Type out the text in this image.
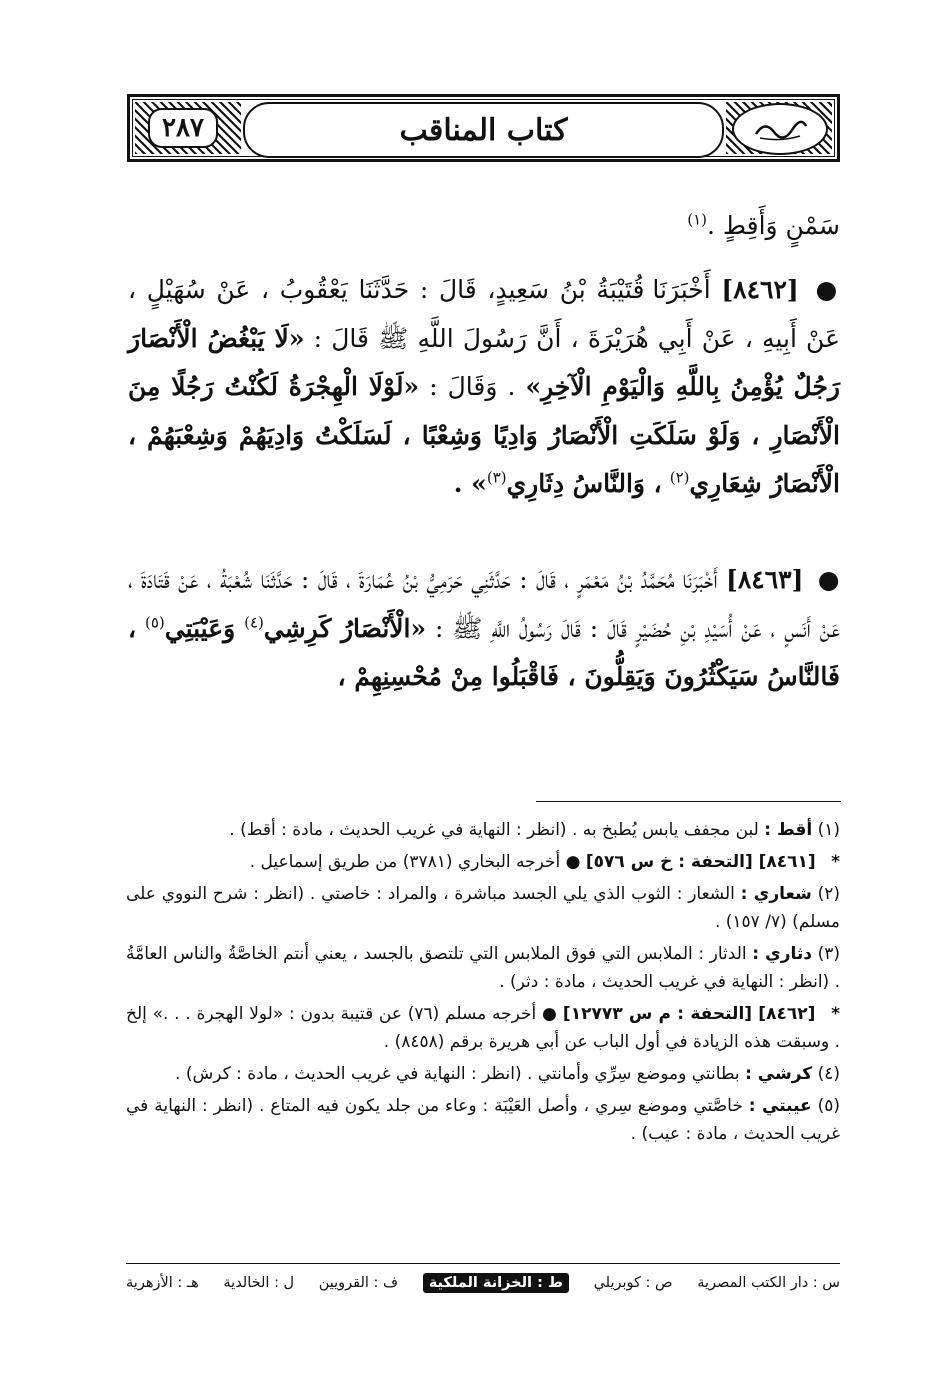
٢٨٧	كتاب المناقب
سَمْنٍ وَأَقِطٍ .$^{(١)}$

● [٨٤٦٢] أَخْبَرَنَا قُتَيْبَةُ بْنُ سَعِيدٍ، قَالَ : حَدَّثَنَا يَعْقُوبُ ، عَنْ سُهَيْلٍ ، عَنْ أَبِيهِ ، عَنْ أَبِي هُرَيْرَةَ ، أَنَّ رَسُولَ اللَّهِ ﷺ قَالَ : «لَا يَبْغُضُ الْأَنْصَارَ رَجُلٌ يُؤْمِنُ بِاللَّهِ وَالْيَوْمِ الْآخِرِ» . وَقَالَ : «لَوْلَا الْهِجْرَةُ لَكُنْتُ رَجُلًا مِنَ الْأَنْصَارِ ، وَلَوْ سَلَكَتِ الْأَنْصَارُ وَادِيًا وَشِعْبًا ، لَسَلَكْتُ وَادِيَهُمْ وَشِعْبَهُمْ ، الْأَنْصَارُ شِعَارِي$^{(٢)}$ ، وَالنَّاسُ دِثَارِي$^{(٣)}$» .

● [٨٤٦٣] أَخْبَرَنَا مُحَمَّدُ بْنُ مَعْمَرٍ ، قَالَ : حَدَّثَنِي حَرَمِيُّ بْنُ عُمَارَةَ ، قَالَ : حَدَّثَنَا شُعْبَةُ ، عَنْ قَتَادَةَ ، عَنْ أَنَسٍ ، عَنْ أُسَيْدِ بْنِ حُضَيْرٍ قَالَ : قَالَ رَسُولُ اللَّهِ ﷺ : «الْأَنْصَارُ كَرِشِي$^{(٤)}$ وَعَيْبَتِي$^{(٥)}$ ، فَالنَّاسُ سَيَكْثُرُونَ وَيَقِلُّونَ ، فَاقْبَلُوا مِنْ مُحْسِنِهِمْ ،

(١) أقط : لبن مجفف يابس يُطبخ به . (انظر : النهاية في غريب الحديث ، مادة : أقط) .

* [٨٤٦١] [التحفة : خ س ٥٧٦] ● أخرجه البخاري (٣٧٨١) من طريق إسماعيل .

(٢) شعاري : الشعار : الثوب الذي يلي الجسد مباشرة ، والمراد : خاصتي . (انظر : شرح النووي على مسلم) (٧/ ١٥٧) .

(٣) دثاري : الدثار : الملابس التي فوق الملابس التي تلتصق بالجسد ، يعني أنتم الخاصَّةُ والناس العامَّةُ . (انظر : النهاية في غريب الحديث ، مادة : دثر) .

* [٨٤٦٢] [التحفة : م س ١٢٧٧٣] ● أخرجه مسلم (٧٦) عن قتيبة بدون : «لولا الهجرة . . .» إلخ . وسبقت هذه الزيادة في أول الباب عن أبي هريرة برقم (٨٤٥٨) .

(٤) كرشي : بطانتي وموضع سِرِّي وأمانتي . (انظر : النهاية في غريب الحديث ، مادة : كرش) .

(٥) عيبتي : خاصَّتي وموضع سِري ، وأصل العَيْبَة : وعاء من جلد يكون فيه المتاع . (انظر : النهاية في غريب الحديث ، مادة : عيب) .

س : دار الكتب المصرية
ص : كوبريلي
ط : الخزانة الملكية
ف : القرويين
ل : الخالدية
هـ : الأزهرية
